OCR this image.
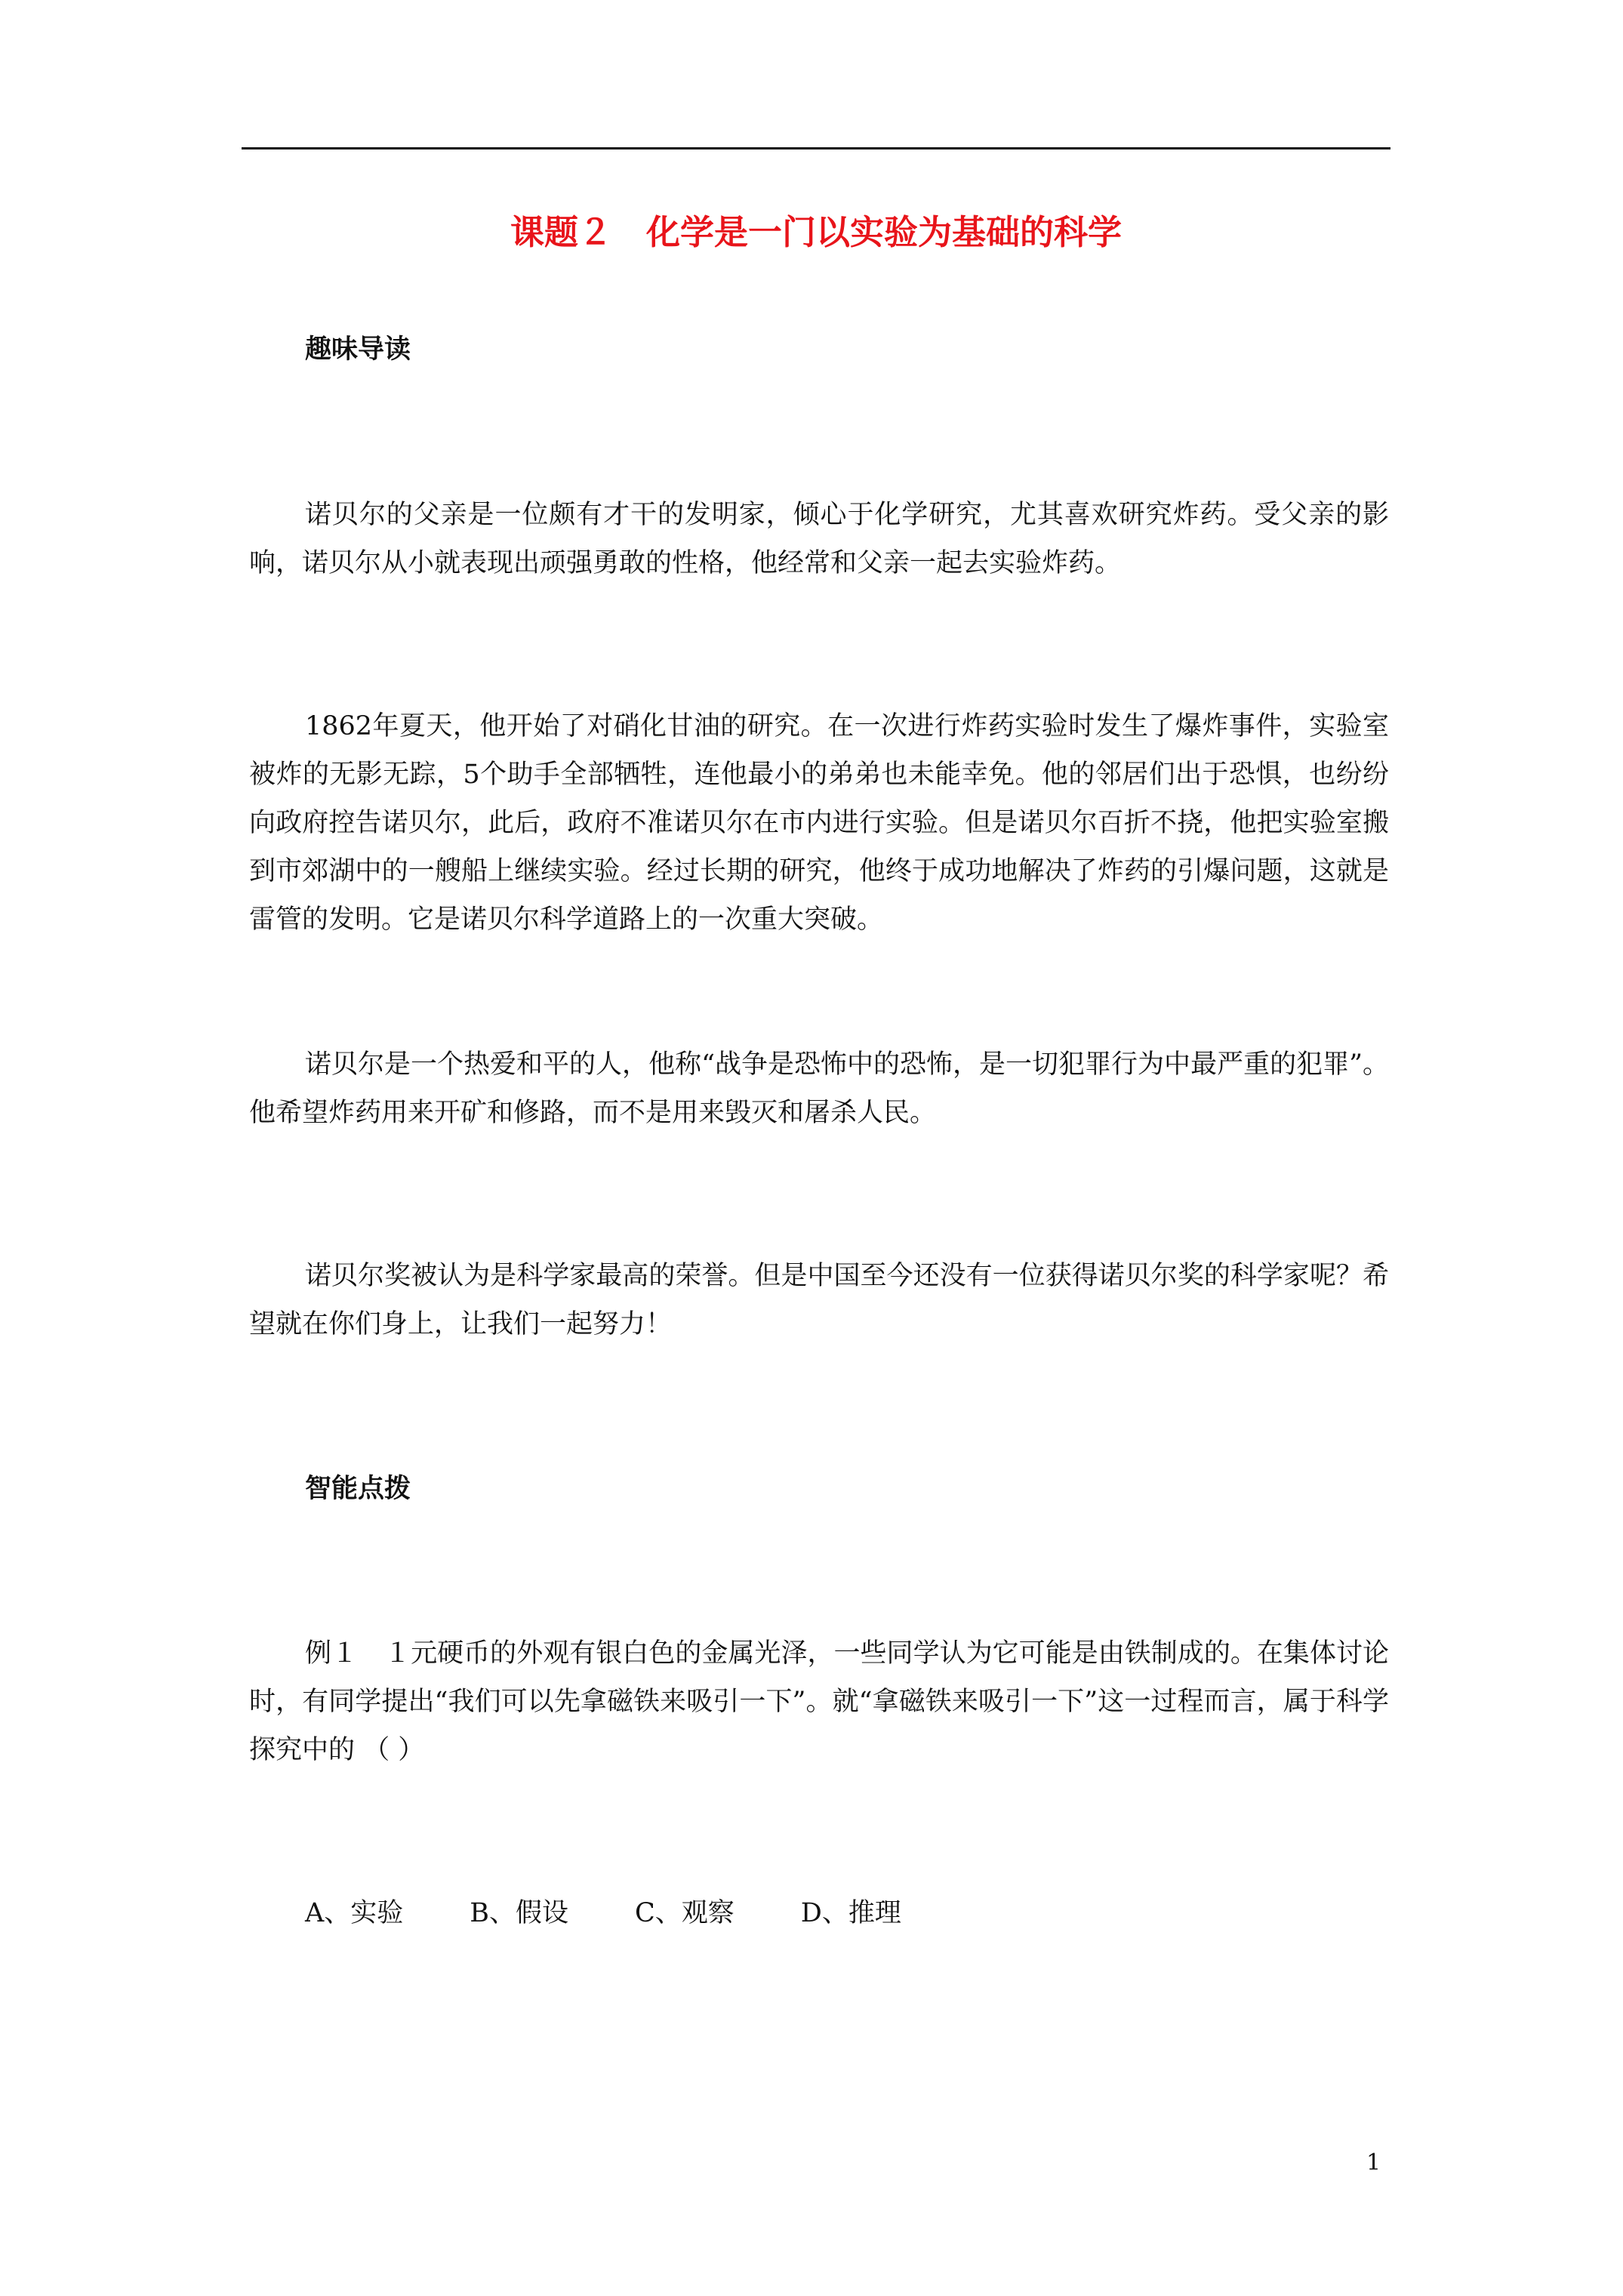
课题２　化学是一门以实验为基础的科学
趣味导读

诺贝尔的父亲是一位颇有才干的发明家，倾心于化学研究，尤其喜欢研究炸药。受父亲的影响，诺贝尔从小就表现出顽强勇敢的性格，他经常和父亲一起去实验炸药。

1862年夏天，他开始了对硝化甘油的研究。在一次进行炸药实验时发生了爆炸事件，实验室被炸的无影无踪，5个助手全部牺牲，连他最小的弟弟也未能幸免。他的邻居们出于恐惧，也纷纷向政府控告诺贝尔，此后，政府不准诺贝尔在市内进行实验。但是诺贝尔百折不挠，他把实验室搬到市郊湖中的一艘船上继续实验。经过长期的研究，他终于成功地解决了炸药的引爆问题，这就是雷管的发明。它是诺贝尔科学道路上的一次重大突破。

诺贝尔是一个热爱和平的人，他称“战争是恐怖中的恐怖，是一切犯罪行为中最严重的犯罪”。他希望炸药用来开矿和修路，而不是用来毁灭和屠杀人民。

诺贝尔奖被认为是科学家最高的荣誉。但是中国至今还没有一位获得诺贝尔奖的科学家呢？希望就在你们身上，让我们一起努力！

智能点拨

例１　１元硬币的外观有银白色的金属光泽，一些同学认为它可能是由铁制成的。在集体讨论时，有同学提出“我们可以先拿磁铁来吸引一下”。就“拿磁铁来吸引一下”这一过程而言，属于科学探究中的 （ ）

A、实验	B、假设	C、观察	D、推理
1
